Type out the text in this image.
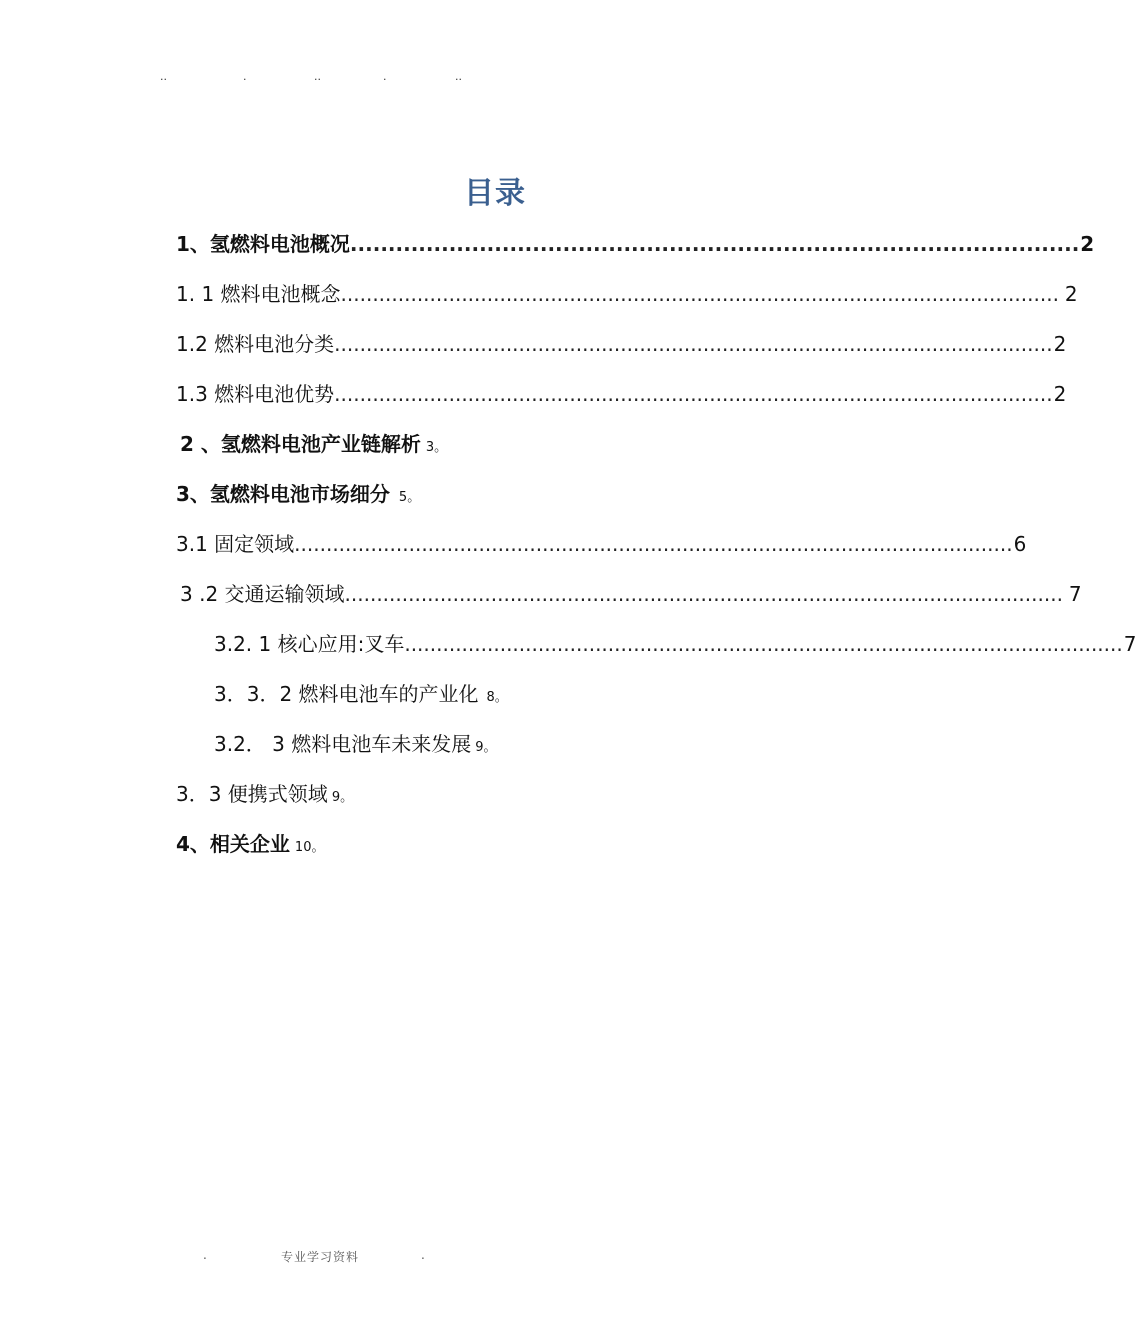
..	.	..	.	..
目录
1、氢燃料电池概况 ................................................................................................ 2
1. 1 燃料电池概念 ................................................................................................................. 2
1.2 燃料电池分类 ................................................................................................................. 2
1.3 燃料电池优势 ................................................................................................................. 2
2 、氢燃料电池产业链解析 3。
3、氢燃料电池市场细分 5。
3.1 固定领域 ................................................................................................................. 6
3 .2 交通运输领域 ................................................................................................................. 7
3.2. 1 核心应用:叉车 ................................................................................................................. 7
3．3．2 燃料电池车的产业化 8。
3.2． 3 燃料电池车未来发展 9。
3．3 便携式领域 9。
4、相关企业 10。
.	专业学习资料	.
